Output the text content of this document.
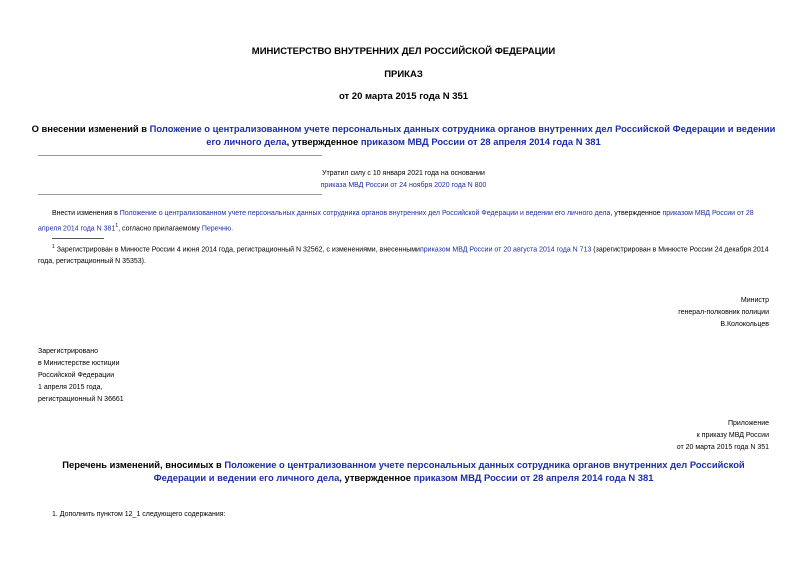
МИНИСТЕРСТВО ВНУТРЕННИХ ДЕЛ РОССИЙСКОЙ ФЕДЕРАЦИИ
ПРИКАЗ
от 20 марта 2015 года N 351
О внесении изменений в Положение о централизованном учете персональных данных сотрудника органов внутренних дел Российской Федерации и ведении его личного дела, утвержденное приказом МВД России от 28 апреля 2014 года N 381
Утратил силу с 10 января 2021 года на основании
приказа МВД России от 24 ноября 2020 года N 800
Внести изменения в Положение о централизованном учете персональных данных сотрудника органов внутренних дел Российской Федерации и ведении его личного дела, утвержденное приказом МВД России от 28 апреля 2014 года N $381^1$, согласно прилагаемому Перечню.
$^1$ Зарегистрирован в Минюсте России 4 июня 2014 года, регистрационный N 32562, с изменениями, внесеннымиприказом МВД России от 20 августа 2014 года N 713 (зарегистрирован в Минюсте России 24 декабря 2014 года, регистрационный N 35353).
Министр
генерал-полковник полиции
В.Колокольцев
Зарегистрировано
в Министерстве юстиции
Российской Федерации
1 апреля 2015 года,
регистрационный N 36661
Приложение
к приказу МВД России
от 20 марта 2015 года N 351
Перечень изменений, вносимых в Положение о централизованном учете персональных данных сотрудника органов внутренних дел Российской Федерации и ведении его личного дела, утвержденное приказом МВД России от 28 апреля 2014 года N 381
1. Дополнить пунктом 12_1 следующего содержания:
